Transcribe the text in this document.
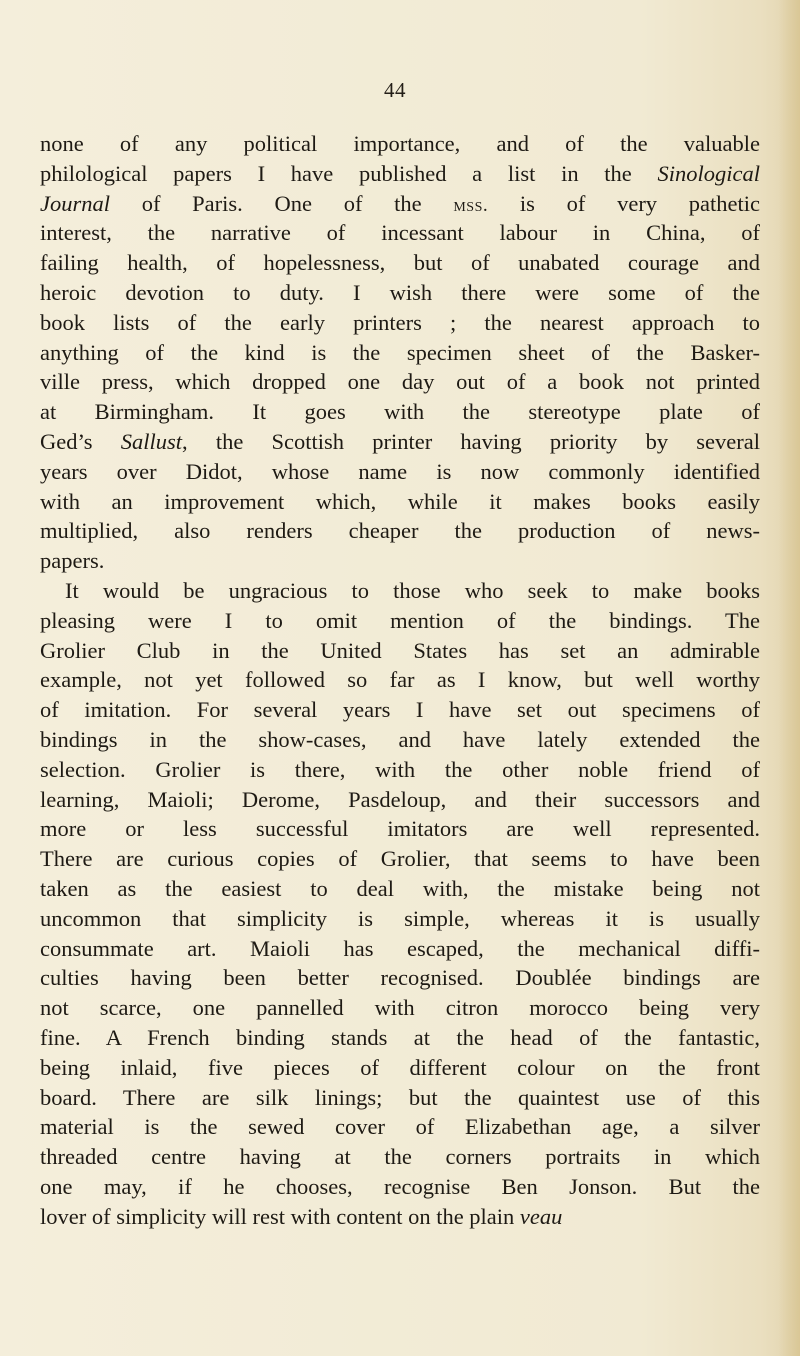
44
none of any political importance, and of the valuable
philological papers I have published a list in the Sinological
Journal of Paris. One of the mss. is of very pathetic
interest, the narrative of incessant labour in China, of
failing health, of hopelessness, but of unabated courage and
heroic devotion to duty. I wish there were some of the
book lists of the early printers ; the nearest approach to
anything of the kind is the specimen sheet of the Basker-
ville press, which dropped one day out of a book not printed
at Birmingham. It goes with the stereotype plate of
Ged’s Sallust, the Scottish printer having priority by several
years over Didot, whose name is now commonly identified
with an improvement which, while it makes books easily
multiplied, also renders cheaper the production of news-
papers.
It would be ungracious to those who seek to make books
pleasing were I to omit mention of the bindings. The
Grolier Club in the United States has set an admirable
example, not yet followed so far as I know, but well worthy
of imitation. For several years I have set out specimens of
bindings in the show-cases, and have lately extended the
selection. Grolier is there, with the other noble friend of
learning, Maioli; Derome, Pasdeloup, and their successors and
more or less successful imitators are well represented.
There are curious copies of Grolier, that seems to have been
taken as the easiest to deal with, the mistake being not
uncommon that simplicity is simple, whereas it is usually
consummate art. Maioli has escaped, the mechanical diffi-
culties having been better recognised. Doublée bindings are
not scarce, one pannelled with citron morocco being very
fine. A French binding stands at the head of the fantastic,
being inlaid, five pieces of different colour on the front
board. There are silk linings; but the quaintest use of this
material is the sewed cover of Elizabethan age, a silver
threaded centre having at the corners portraits in which
one may, if he chooses, recognise Ben Jonson. But the
lover of simplicity will rest with content on the plain veau
